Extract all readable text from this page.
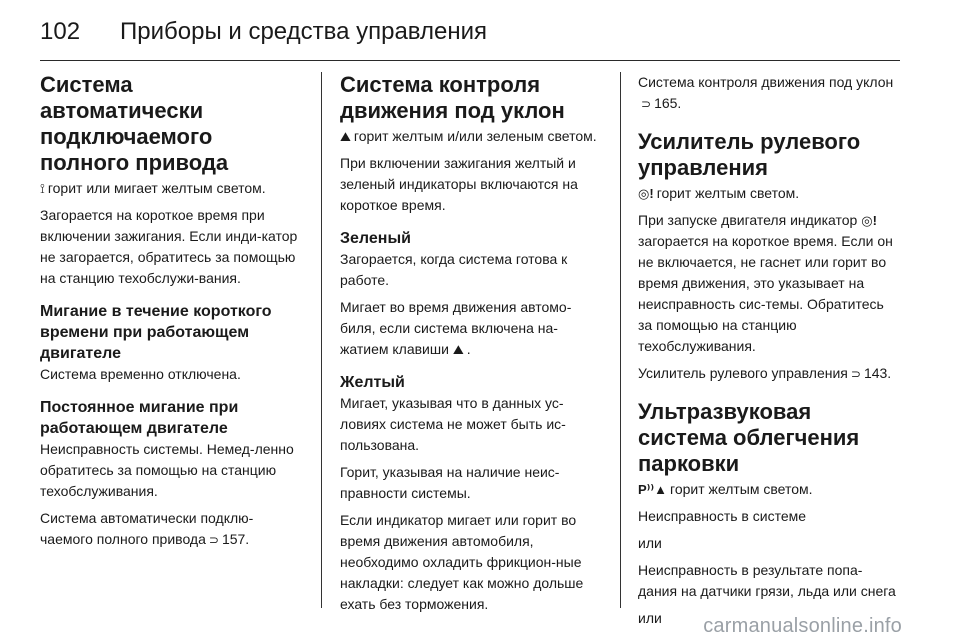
102 Приборы и средства управления
Система автоматически подключаемого полного привода

⟟ горит или мигает желтым светом.

Загорается на короткое время при включении зажигания. Если инди-катор не загорается, обратитесь за помощью на станцию техобслужи-вания.

Мигание в течение короткого времени при работающем двигателе

Система временно отключена.

Постоянное мигание при работающем двигателе

Неисправность системы. Немед-ленно обратитесь за помощью на станцию техобслуживания.

Система автоматически подклю-чаемого полного привода ⊃ 157.

Система контроля движения под уклон

⛰ горит желтым и/или зеленым светом.

При включении зажигания желтый и зеленый индикаторы включаются на короткое время.

Зеленый

Загорается, когда система готова к работе.

Мигает во время движения автомо-биля, если система включена на-жатием клавиши ⛰ .

Желтый

Мигает, указывая что в данных ус-ловиях система не может быть ис-пользована.

Горит, указывая на наличие неис-правности системы.

Если индикатор мигает или горит во время движения автомобиля, необходимо охладить фрикцион-ные накладки: следует как можно дольше ехать без торможения.

Система контроля движения под уклон⊃ 165.

Усилитель рулевого управления

◎! горит желтым светом.

При запуске двигателя индикатор ◎!загорается на короткое время. Если он не включается, не гаснет или горит во время движения, это указывает на неисправность сис-темы. Обратитесь за помощью на станцию техобслуживания.

Усилитель рулевого управления ⊃ 143.

Ультразвуковая система облегчения парковки

P⁾⁾▲ горит желтым светом.

Неисправность в системе

или

Неисправность в результате попа-дания на датчики грязи, льда или снега

или	carmanualsonline.info
